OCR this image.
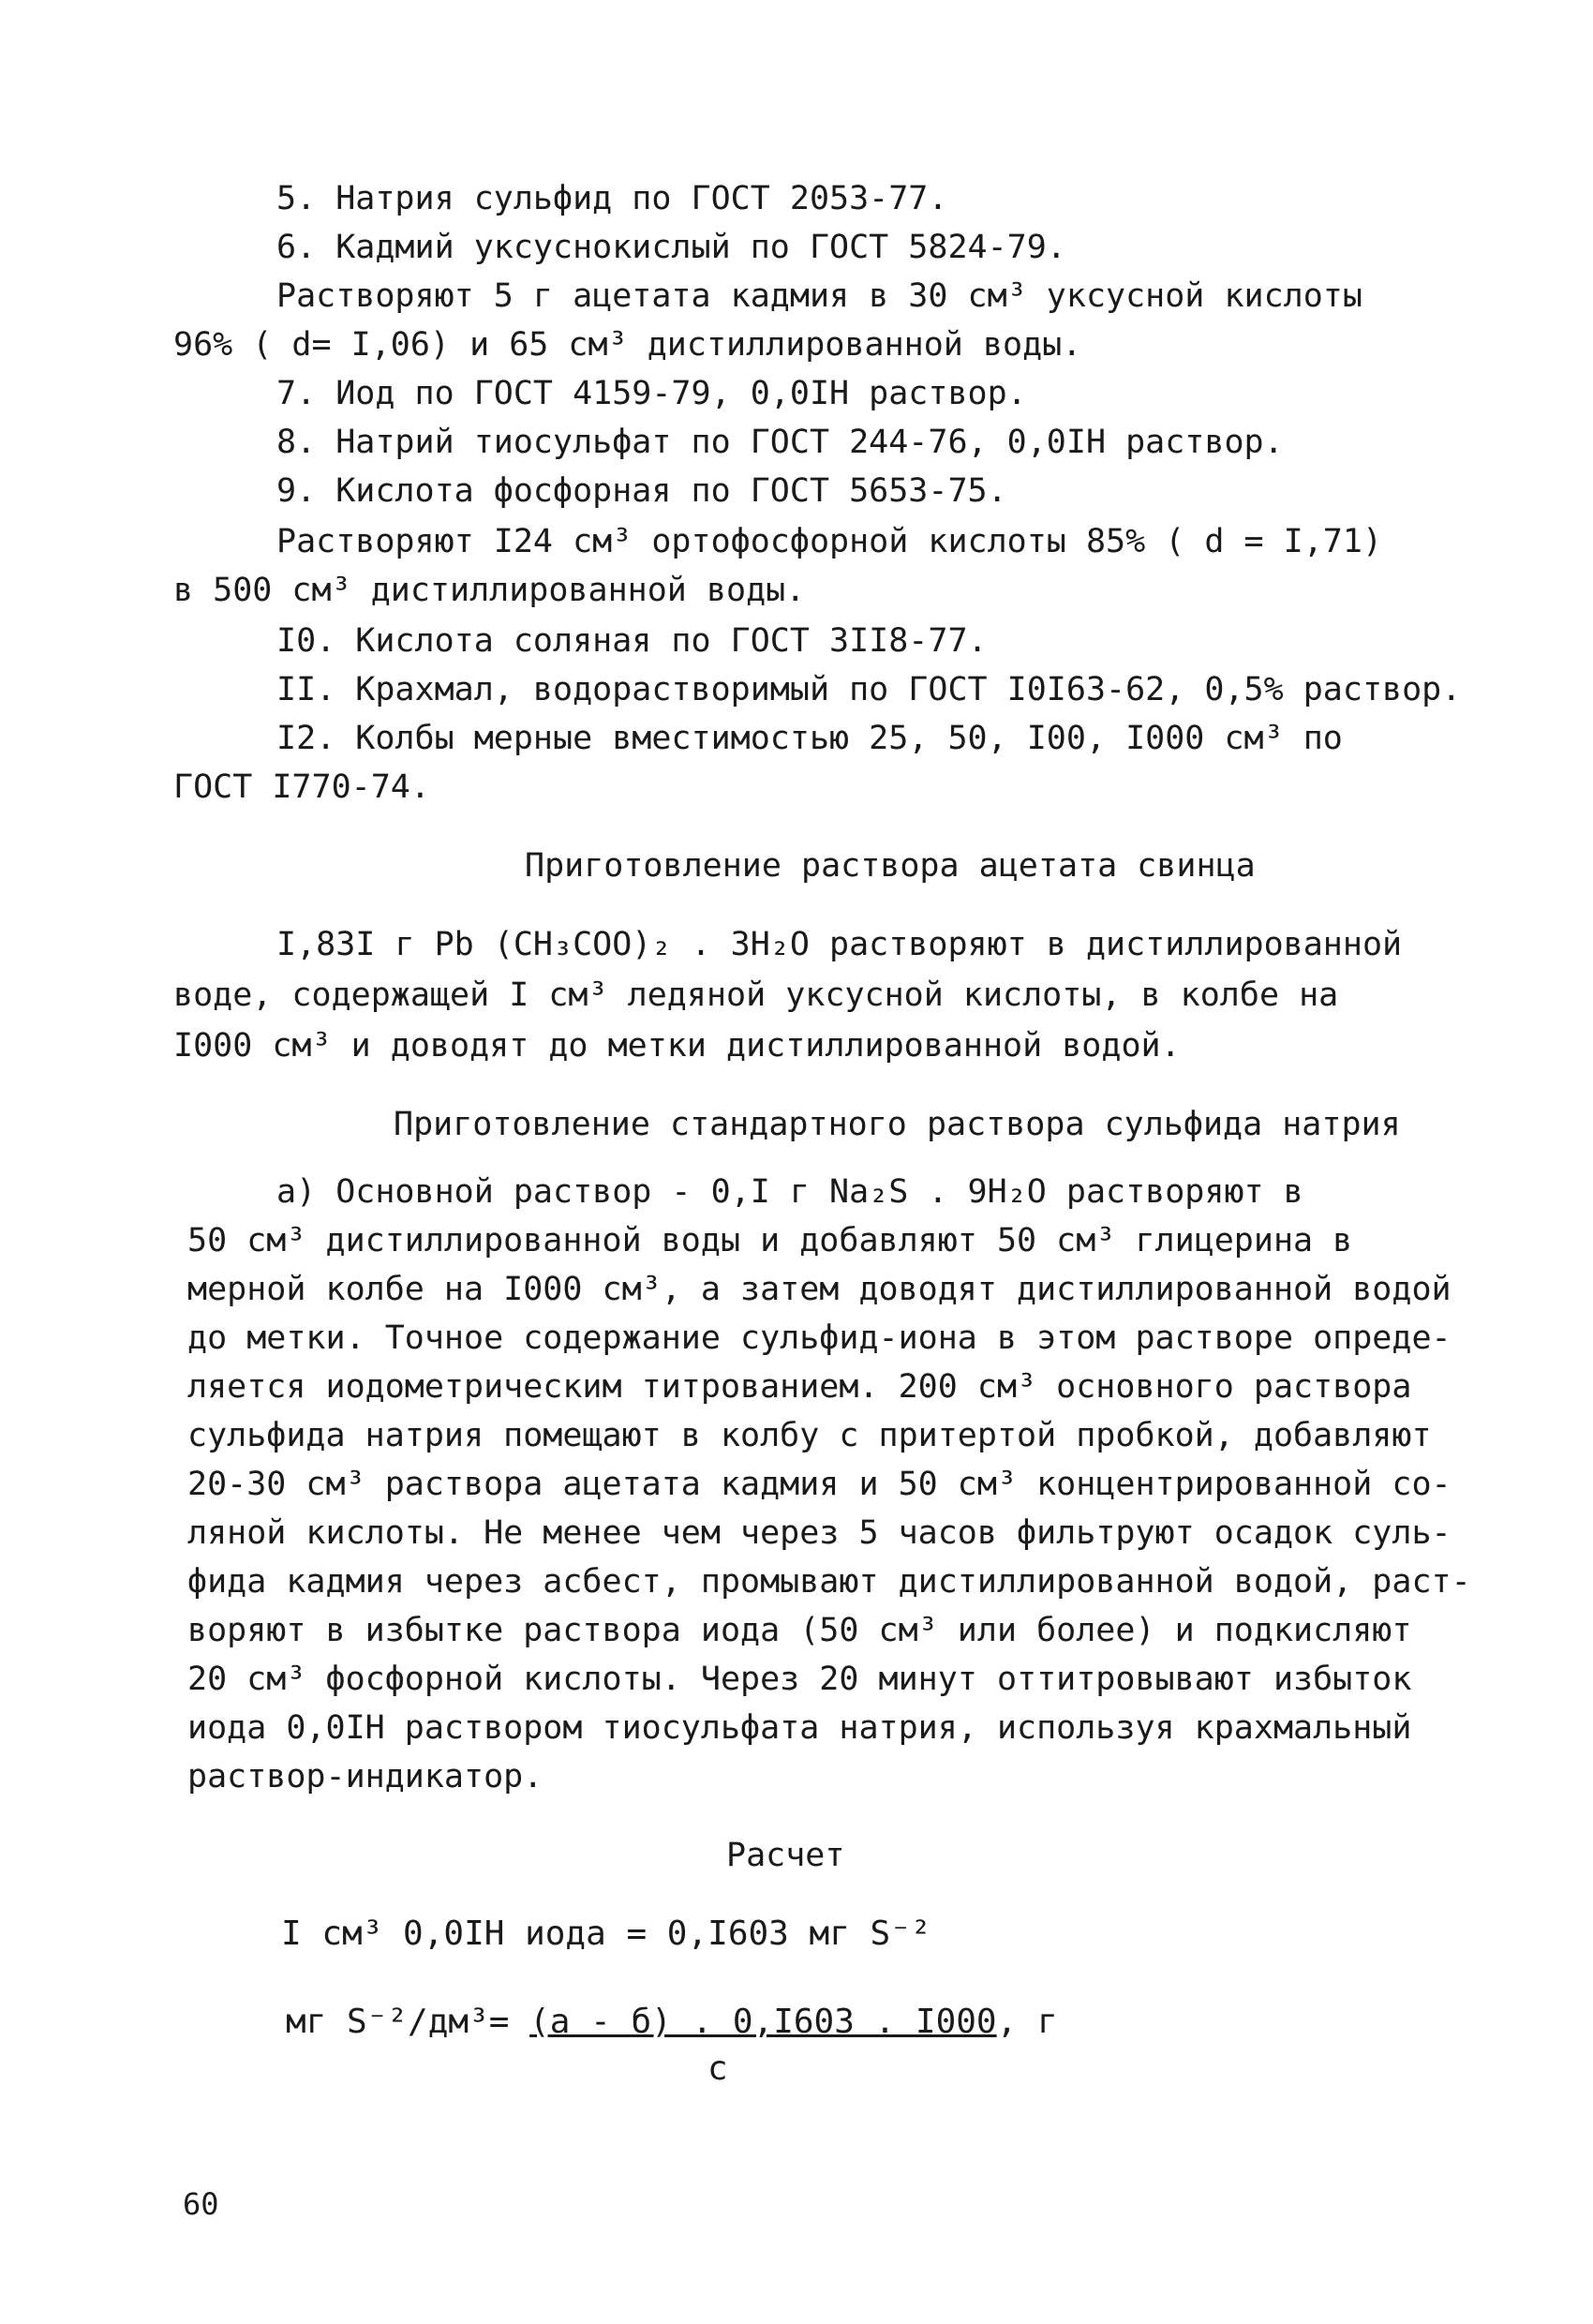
5. Натрия сульфид по ГОСТ 2053-77.
6. Кадмий уксуснокислый по ГОСТ 5824-79.
Растворяют 5 г ацетата кадмия в 30 см³ уксусной кислоты
96% ( d= I,06) и 65 см³ дистиллированной воды.
7. Иод по ГОСТ 4159-79, 0,0IН раствор.
8. Натрий тиосульфат по ГОСТ 244-76, 0,0IН раствор.
9. Кислота фосфорная по ГОСТ 5653-75.
Растворяют I24 см³ ортофосфорной кислоты 85% ( d = I,71)
в 500 см³ дистиллированной воды.
I0. Кислота соляная по ГОСТ 3II8-77.
II. Крахмал, водорастворимый по ГОСТ I0I63-62, 0,5% раствор.
I2. Колбы мерные вместимостью 25, 50, I00, I000 см³ по
ГОСТ I770-74.
Приготовление раствора ацетата свинца
I,83I г Pb (CH₃COO)₂ . 3H₂O растворяют в дистиллированной
воде, содержащей I см³ ледяной уксусной кислоты, в колбе на
I000 см³ и доводят до метки дистиллированной водой.
Приготовление стандартного раствора сульфида натрия
а) Основной раствор - 0,I г Na₂S . 9H₂O растворяют в
50 см³ дистиллированной воды и добавляют 50 см³ глицерина в
мерной колбе на I000 см³, а затем доводят дистиллированной водой
до метки. Точное содержание сульфид-иона в этом растворе опреде-
ляется иодометрическим титрованием. 200 см³ основного раствора
сульфида натрия помещают в колбу с притертой пробкой, добавляют
20-30 см³ раствора ацетата кадмия и 50 см³ концентрированной со-
ляной кислоты. Не менее чем через 5 часов фильтруют осадок суль-
фида кадмия через асбест, промывают дистиллированной водой, раст-
воряют в избытке раствора иода (50 см³ или более) и подкисляют
20 см³ фосфорной кислоты. Через 20 минут оттитровывают избыток
иода 0,0IН раствором тиосульфата натрия, используя крахмальный
раствор-индикатор.
Расчет
I см³ 0,0IН иода = 0,I603 мг S⁻²
мг S⁻²/дм³= (а - б) . 0,I603 . I000, г
с
60
